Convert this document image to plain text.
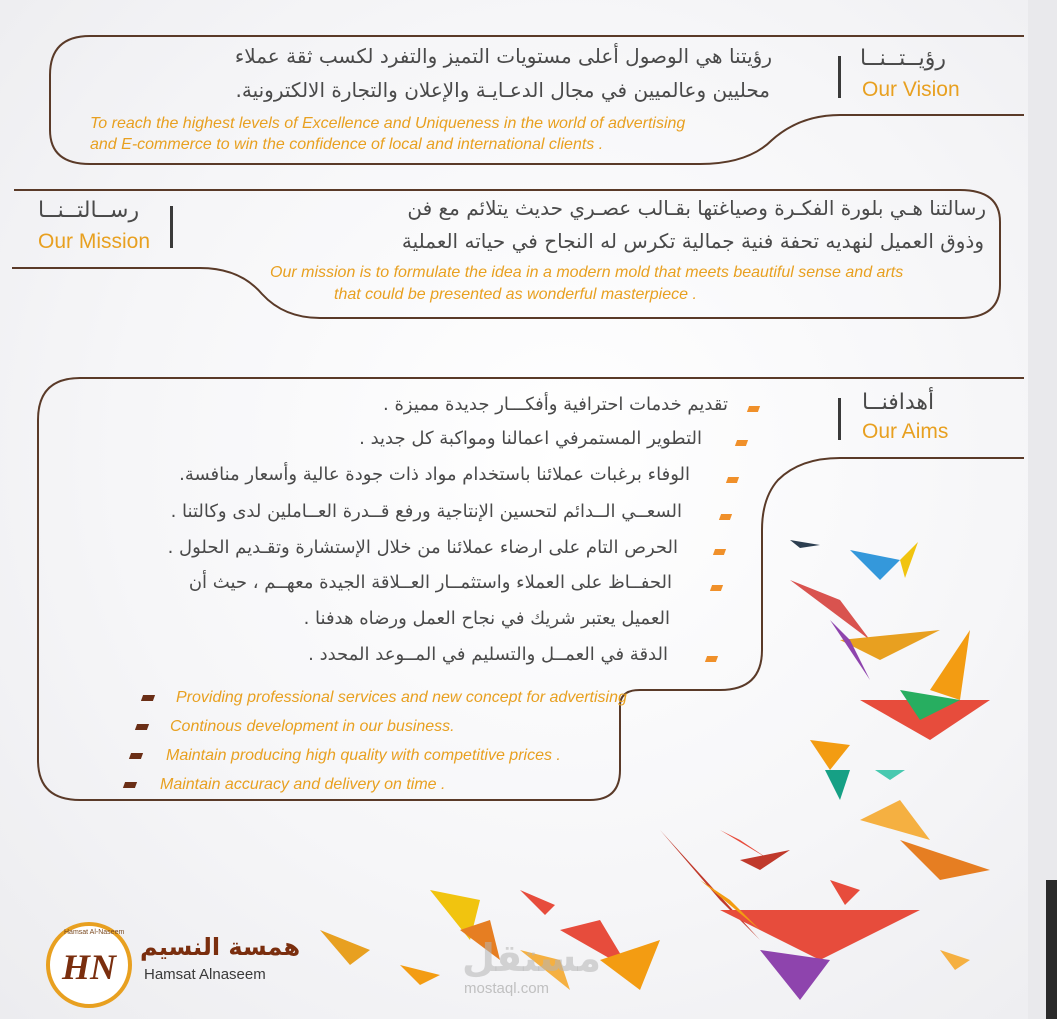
رؤيــتــنــا
Our Vision
رؤيتنا هي الوصول أعلى مستويات التميز والتفرد لكسب ثقة عملاء
محليين وعالميين في مجال الدعـايـة والإعلان والتجارة الالكترونية.
To reach the highest levels of Excellence and Uniqueness in the world of advertising
and E-commerce to win the confidence of local and international clients .
رســالتــنــا
Our Mission
رسالتنا هـي بلورة الفكـرة وصياغتها بقـالب عصـري حديث يتلائم مع فن
وذوق العميل لنهديه تحفة فنية جمالية تكرس له النجاح في حياته العملية
Our mission is to formulate the idea in a modern mold that meets beautiful sense and arts
that could be presented as wonderful masterpiece .
أهدافنــا
Our Aims
تقديم خدمات احترافية وأفكـــار جديدة مميزة .
التطوير المستمرفي اعمالنا ومواكبة كل جديد .
الوفاء برغبات عملائنا باستخدام مواد ذات جودة عالية وأسعار منافسة.
السعــي الــدائم لتحسين الإنتاجية ورفع قــدرة العــاملين لدى وكالتنا .
الحرص التام على ارضاء عملائنا من خلال الإستشارة وتقـديم الحلول .
الحفــاظ على العملاء واستثمــار العــلاقة الجيدة معهــم ، حيث أن
العميل يعتبر شريك في نجاح العمل ورضاه هدفنا .
الدقة في العمــل والتسليم في المــوعد المحدد .
Providing professional services and new concept for advertising
Continous development in our business.
Maintain producing high quality with competitive prices .
Maintain accuracy and delivery on time .
Hamsat Al-Naseem
HN همسة النسيم
Hamsat Alnaseem	مستقل
mostaql.com
